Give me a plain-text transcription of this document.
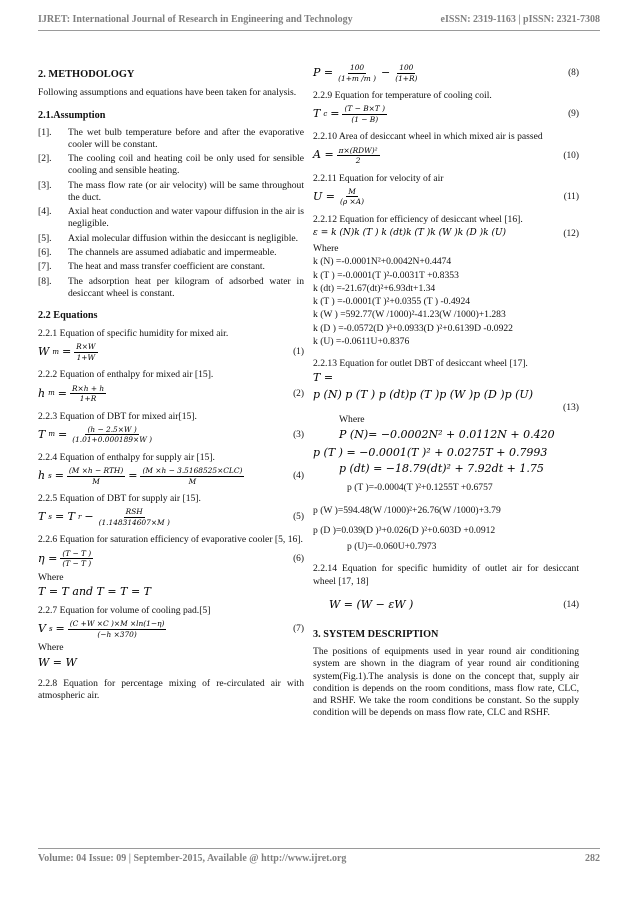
IJRET: International Journal of Research in Engineering and Technology	eISSN: 2319-1163 | pISSN: 2321-7308
2. METHODOLOGY

Following assumptions and equations have been taken for analysis.

2.1.Assumption
[1].	The wet bulb temperature before and after the evaporative cooler will be constant.
[2].	The cooling coil and heating coil be only used for sensible cooling and sensible heating.
[3].	The mass flow rate (or air velocity) will be same throughout the duct.
[4].	Axial heat conduction and water vapour diffusion in the air is negligible.
[5].	Axial molecular diffusion within the desiccant is negligible.
[6].	The channels are assumed adiabatic and impermeable.
[7].	The heat and mass transfer coefficient are constant.
[8].	The adsorption heat per kilogram of adsorbed water in desiccant wheel is constant.
2.2 Equations
2.2.1 Equation of specific humidity for mixed air.
W $m = \frac{R\times W}{1+W}$	(1)
2.2.2 Equation of enthalpy for mixed air [15].
h $m = \frac{R\times h + h}{1+R}$	(2)
2.2.3 Equation of DBT for mixed air[15].
T $m = \frac{(h - 2.5\times W )}{(1.01+0.000189\times W )}$	(3)
2.2.4 Equation of enthalpy for supply air [15].
h $s = \frac{\text{(M ×h − RTH)}}{M} = \frac{\text{(M ×h − 3.5168525×CLC)}}{M}$	(4)
2.2.5 Equation of DBT for supply air [15].
T s = T $r - \frac{\text{RSH}}{(1.148314607\times M )}$	(5)

2.2.6 Equation for saturation efficiency of evaporative cooler [5, 16].

$\eta = \frac{(T - T )}{(T - T )}$	(6)
Where
T = T and T = T = T
2.2.7 Equation for volume of cooling pad.[5]
V $s = \frac{(C +W \times C )\times M \times\ln(1-\eta)}{(-h \times 370)}$	(7)
Where
W = W

2.2.8 Equation for percentage mixing of re-circulated air with atmospheric air.

$P = \frac{100}{(1+m /m )} - \frac{100}{(1+R)}$	(8)
2.2.9 Equation for temperature of cooling coil.
T $c = \frac{(T - B\times T )}{(1 - B)}$	(9)
2.2.10 Area of desiccant wheel in which mixed air is passed
$A = \frac{\text{π×(RDW)²}}{2}$	(10)
2.2.11 Equation for velocity of air
$U = \frac{M}{(\rho \times A)}$	(11)
2.2.12 Equation for efficiency of desiccant wheel [16].
ε = k (N)k (T ) k (dt)k (T )k (W )k (D )k (U)	(12)
Where
k (N) =-0.0001N²+0.0042N+0.4474
k (T ) =-0.0001(T )²-0.0031T +0.8353
k (dt) =-21.67(dt)²+6.93dt+1.34
k (T ) =-0.0001(T )²+0.0355 (T ) -0.4924
k (W ) =592.77(W /1000)²-41.23(W /1000)+1.283
k (D ) =-0.0572(D )³+0.0933(D )²+0.6139D -0.0922
k (U) =-0.0611U+0.8376

2.2.13 Equation for outlet DBT of desiccant wheel [17].

T =
p (N) p (T ) p (dt)p (T )p (W )p (D )p (U)
(13)
Where
P (N)= −0.0002N² + 0.0112N + 0.420
p (T ) = −0.0001(T )² + 0.0275T + 0.7993
p (dt) = −18.79(dt)² + 7.92dt + 1.75
p (T )=-0.0004(T )²+0.1255T +0.6757
p (W )=594.48(W /1000)²+26.76(W /1000)+3.79
p (D )=0.039(D )³+0.026(D )²+0.603D +0.0912
p (U)=-0.060U+0.7973

2.2.14 Equation for specific humidity of outlet air for desiccant wheel [17, 18]

W = (W − εW )	(14)
3. SYSTEM DESCRIPTION

The positions of equipments used in year round air conditioning system are shown in the diagram of year round air conditioning system(Fig.1).The analysis is done on the concept that, supply air condition is depends on the room conditions, mass flow rate, CLC, and RSHF. We take the room conditions be constant. So the supply condition will be depends on mass flow rate, CLC and RSHF.

Volume: 04 Issue: 09 | September-2015, Available @ http://www.ijret.org	282
